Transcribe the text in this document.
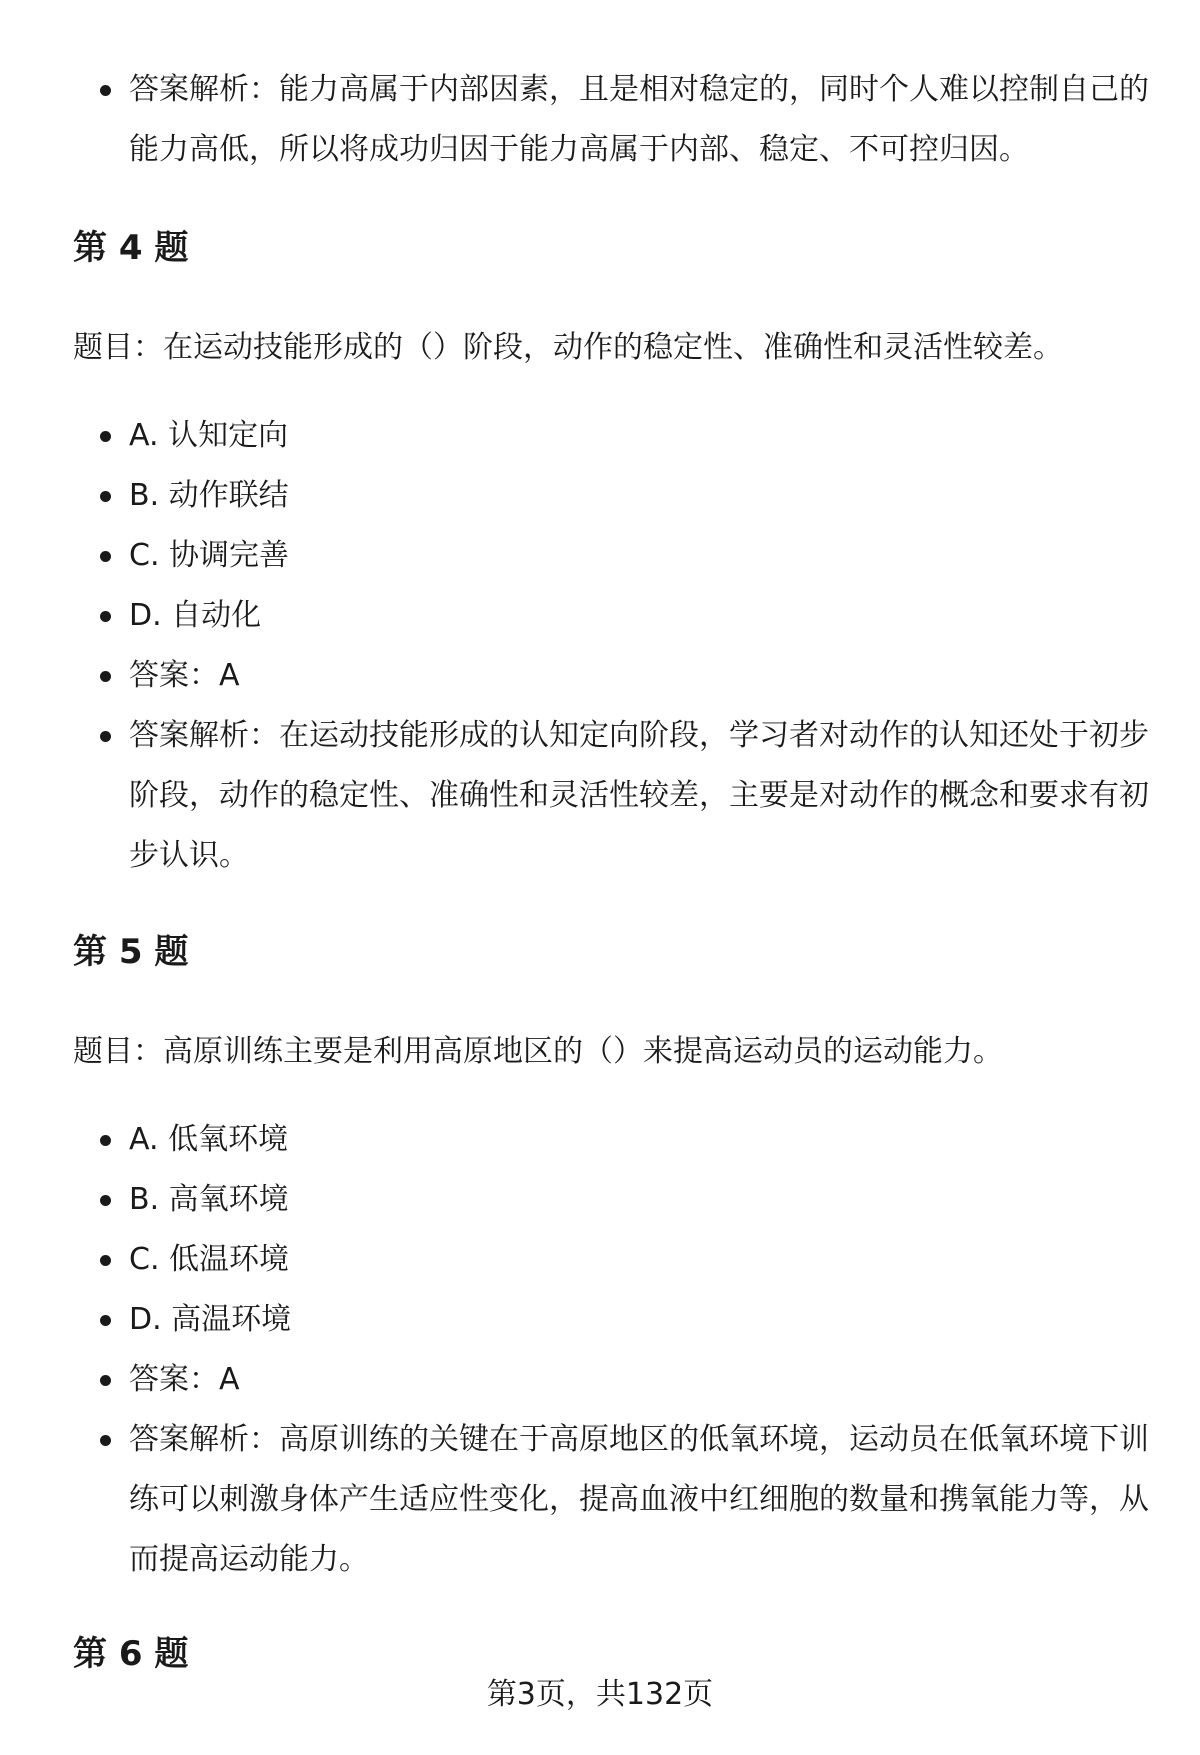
答案解析：能力高属于内部因素，且是相对稳定的，同时个人难以控制自己的能力高低，所以将成功归因于能力高属于内部、稳定、不可控归因。
第 4 题

题目：在运动技能形成的（）阶段，动作的稳定性、准确性和灵活性较差。

A. 认知定向
B. 动作联结
C. 协调完善
D. 自动化
答案：A
答案解析：在运动技能形成的认知定向阶段，学习者对动作的认知还处于初步阶段，动作的稳定性、准确性和灵活性较差，主要是对动作的概念和要求有初步认识。
第 5 题

题目：高原训练主要是利用高原地区的（）来提高运动员的运动能力。

A. 低氧环境
B. 高氧环境
C. 低温环境
D. 高温环境
答案：A
答案解析：高原训练的关键在于高原地区的低氧环境，运动员在低氧环境下训练可以刺激身体产生适应性变化，提高血液中红细胞的数量和携氧能力等，从而提高运动能力。
第 6 题
第3页，共132页
